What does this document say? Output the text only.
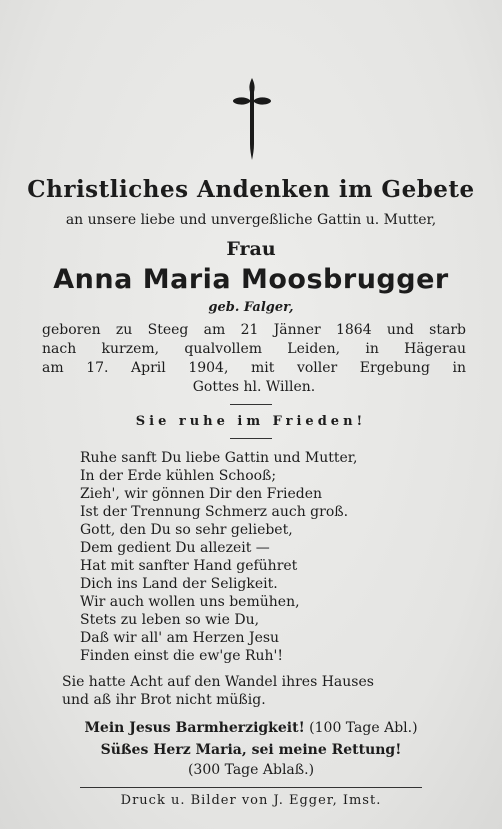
Christliches Andenken im Gebete
an unsere liebe und unvergeßliche Gattin u. Mutter,
Frau
Anna Maria Moosbrugger
geb. Falger,
geboren zu Steeg am 21 Jänner 1864 und starb
nach kurzem, qualvollem Leiden, in Hägerau
am 17. April 1904, mit voller Ergebung in
Gottes hl. Willen.
Sie ruhe im Frieden!
Ruhe sanft Du liebe Gattin und Mutter,
In der Erde kühlen Schooß;
Zieh', wir gönnen Dir den Frieden
Ist der Trennung Schmerz auch groß.
Gott, den Du so sehr geliebet,
Dem gedient Du allezeit —
Hat mit sanfter Hand geführet
Dich ins Land der Seligkeit.
Wir auch wollen uns bemühen,
Stets zu leben so wie Du,
Daß wir all' am Herzen Jesu
Finden einst die ew'ge Ruh'!
Sie hatte Acht auf den Wandel ihres Hauses
und aß ihr Brot nicht müßig.
Mein Jesus Barmherzigkeit! (100 Tage Abl.)
Süßes Herz Maria, sei meine Rettung!
(300 Tage Ablaß.)
Druck u. Bilder von J. Egger, Imst.
